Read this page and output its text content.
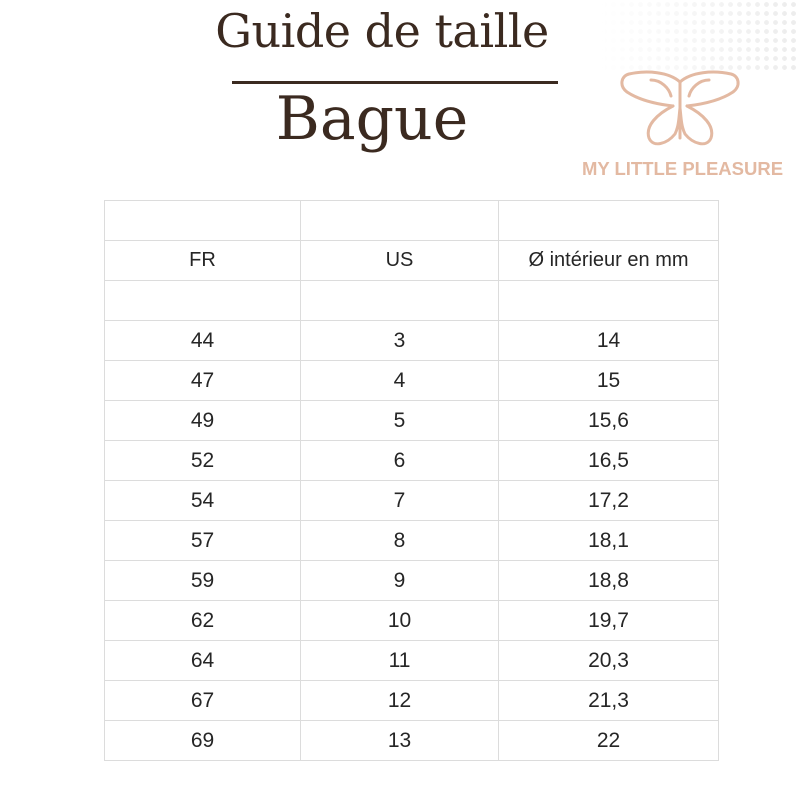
Guide de taille
Bague
MY LITTLE PLEASURE

FR	US	Ø intérieur en mm

44	3	14
47	4	15
49	5	15,6
52	6	16,5
54	7	17,2
57	8	18,1
59	9	18,8
62	10	19,7
64	11	20,3
67	12	21,3
69	13	22
